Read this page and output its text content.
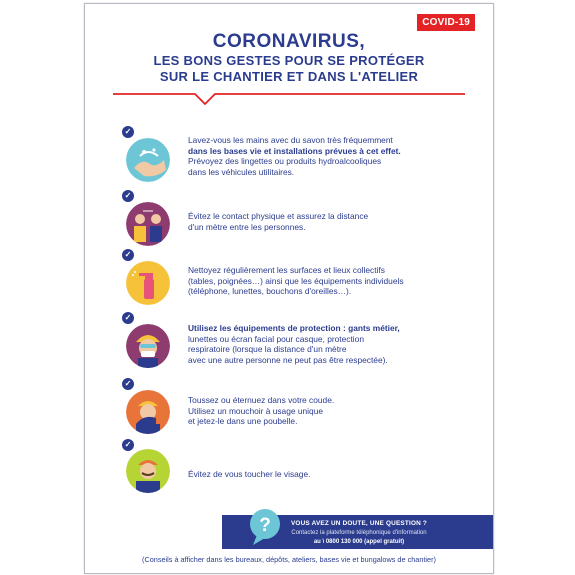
COVID-19
CORONAVIRUS,
LES BONS GESTES POUR SE PROTÉGER
SUR LE CHANTIER ET DANS L'ATELIER
✓
Lavez-vous les mains avec du savon très fréquemment
dans les bases vie et installations prévues à cet effet.
Prévoyez des lingettes ou produits hydroalcooliques
dans les véhicules utilitaires.
✓
Évitez le contact physique et assurez la distance
d'un mètre entre les personnes.
✓
Nettoyez régulièrement les surfaces et lieux collectifs
(tables, poignées…) ainsi que les équipements individuels
(téléphone, lunettes, bouchons d'oreilles…).
✓
Utilisez les équipements de protection : gants métier,
lunettes ou écran facial pour casque, protection
respiratoire (lorsque la distance d'un mètre
avec une autre personne ne peut pas être respectée).
✓
Toussez ou éternuez dans votre coude.
Utilisez un mouchoir à usage unique
et jetez-le dans une poubelle.
✓
Évitez de vous toucher le visage.
VOUS AVEZ UN DOUTE, UNE QUESTION ?
Contactez la plateforme téléphonique d'information
au \ 0800 130 000 (appel gratuit)
?
(Conseils à afficher dans les bureaux, dépôts, ateliers, bases vie et bungalows de chantier)
